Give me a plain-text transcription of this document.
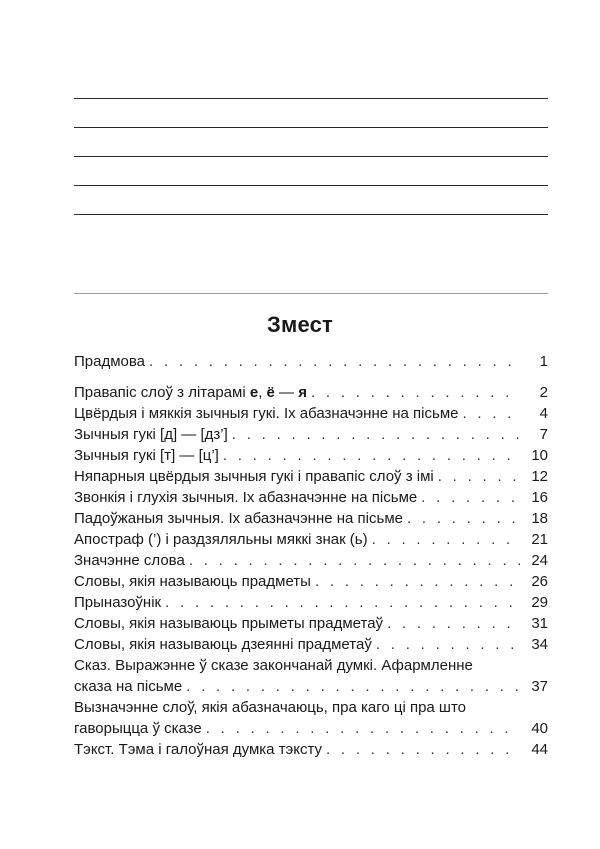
Змест
Прадмова . . .	1
Правапіс слоў з літарамі е, ё — я . . .	2
Цвёрдыя і мяккія зычныя гукі. Іх абазначэнне на пісьме . . .	4
Зычныя гукі [д] — [дз’] . . .	7
Зычныя гукі [т] — [ц’] . . .	10
Няпарныя цвёрдыя зычныя гукі і правапіс слоў з імі . . .	12
Звонкія і глухія зычныя. Іх абазначэнне на пісьме . . .	16
Падоўжаныя зычныя. Іх абазначэнне на пісьме . . .	18
Апостраф (’) і раздзяляльны мяккі знак (ь) . . .	21
Значэнне слова . . .	24
Словы, якія называюць прадметы . . .	26
Прыназоўнік . . .	29
Словы, якія называюць прыметы прадметаў . . .	31
Словы, якія называюць дзеянні прадметаў . . .	34
Сказ. Выражэнне ў сказе закончанай думкі. Афармленне
сказа на пісьме . . .	37
Вызначэнне слоў, якія абазначаюць, пра каго ці пра што
гаворыцца ў сказе . . .	40
Тэкст. Тэма і галоўная думка тэксту . . .	44
